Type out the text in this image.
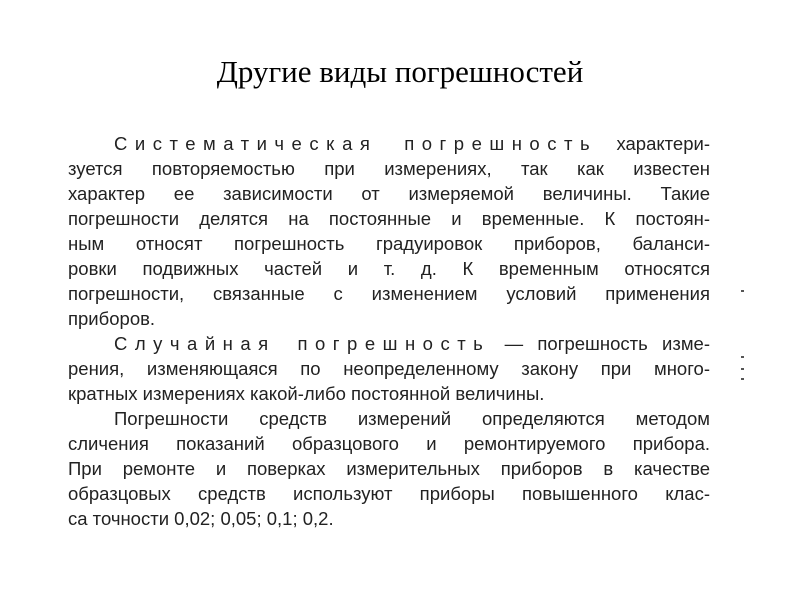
Другие виды погрешностей
Систематическая погрешность характери-
зуется повторяемостью при измерениях, так как известен
характер ее зависимости от измеряемой величины. Такие
погрешности делятся на постоянные и временные. К постоян-
ным относят погрешность градуировок приборов, баланси-
ровки подвижных частей и т. д. К временным относятся
погрешности, связанные с изменением условий применения
приборов.
Случайная погрешность — погрешность изме-
рения, изменяющаяся по неопределенному закону при много-
кратных измерениях какой-либо постоянной величины.
Погрешности средств измерений определяются методом
сличения показаний образцового и ремонтируемого прибора.
При ремонте и поверках измерительных приборов в качестве
образцовых средств используют приборы повышенного клас-
са точности 0,02; 0,05; 0,1; 0,2.
